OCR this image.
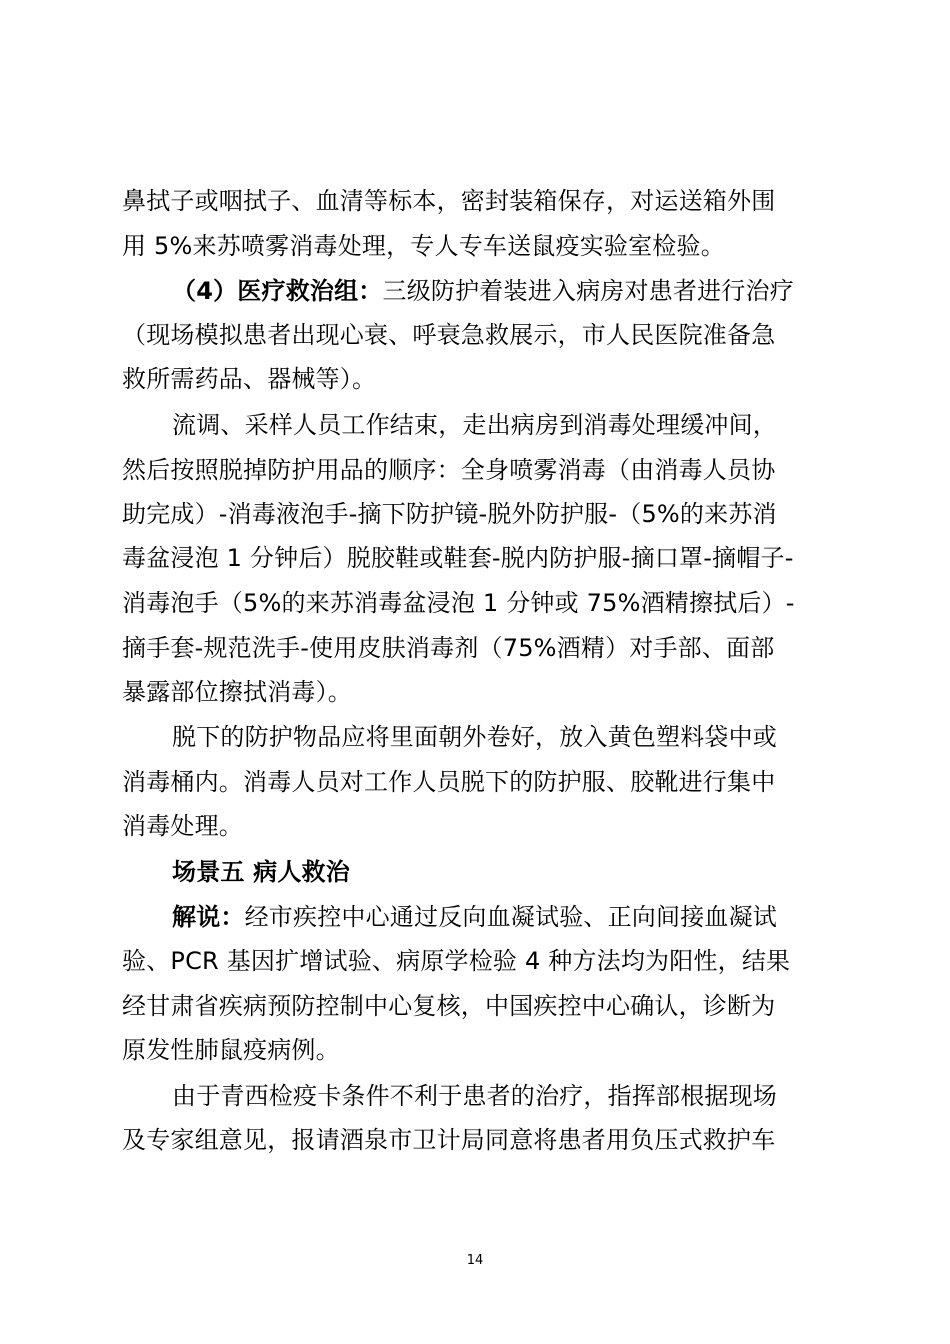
鼻拭子或咽拭子、血清等标本，密封装箱保存，对运送箱外围
用 5%来苏喷雾消毒处理，专人专车送鼠疫实验室检验。
（4）医疗救治组：三级防护着装进入病房对患者进行治疗
（现场模拟患者出现心衰、呼衰急救展示，市人民医院准备急
救所需药品、器械等）。
流调、采样人员工作结束，走出病房到消毒处理缓冲间，
然后按照脱掉防护用品的顺序：全身喷雾消毒（由消毒人员协
助完成）-消毒液泡手-摘下防护镜-脱外防护服-（5%的来苏消
毒盆浸泡 1 分钟后）脱胶鞋或鞋套-脱内防护服-摘口罩-摘帽子-
消毒泡手（5%的来苏消毒盆浸泡 1 分钟或 75%酒精擦拭后）-
摘手套-规范洗手-使用皮肤消毒剂（75%酒精）对手部、面部
暴露部位擦拭消毒）。
脱下的防护物品应将里面朝外卷好，放入黄色塑料袋中或
消毒桶内。消毒人员对工作人员脱下的防护服、胶靴进行集中
消毒处理。
场景五 病人救治
解说：经市疾控中心通过反向血凝试验、正向间接血凝试
验、PCR 基因扩增试验、病原学检验 4 种方法均为阳性，结果
经甘肃省疾病预防控制中心复核，中国疾控中心确认，诊断为
原发性肺鼠疫病例。
由于青西检疫卡条件不利于患者的治疗，指挥部根据现场
及专家组意见，报请酒泉市卫计局同意将患者用负压式救护车
14
